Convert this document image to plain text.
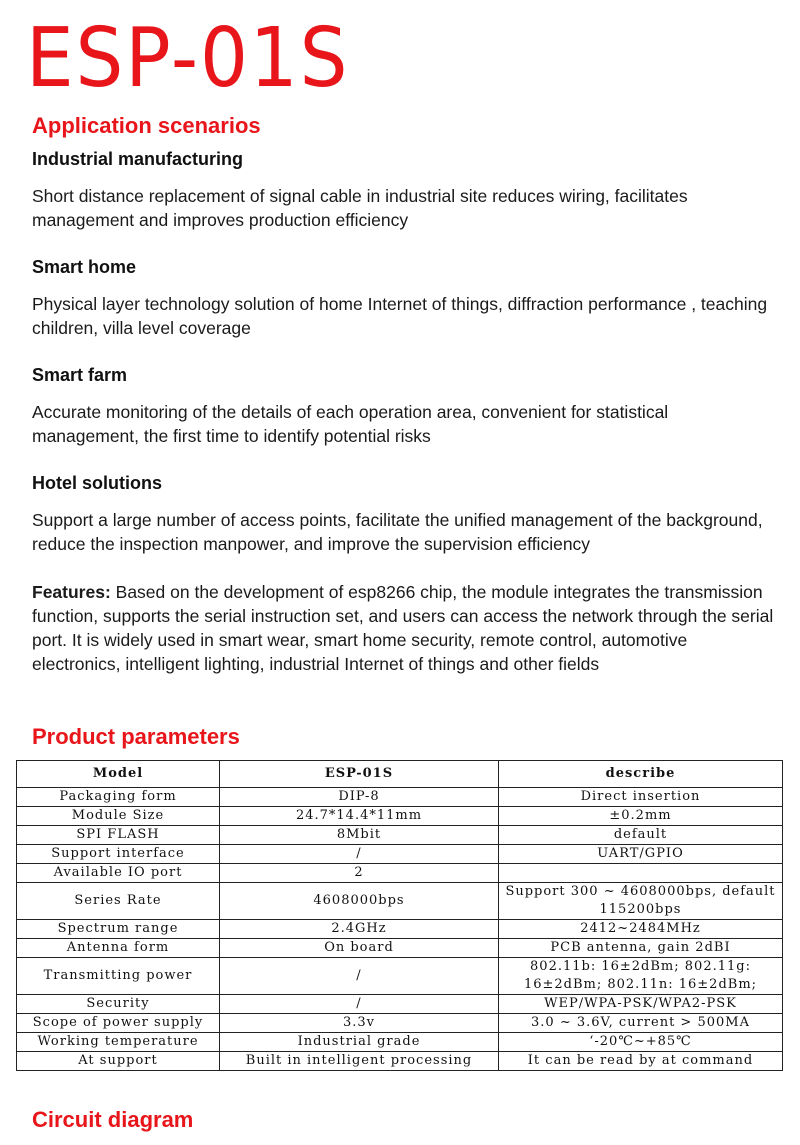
ESP-01S
Application scenarios
Industrial manufacturing

Short distance replacement of signal cable in industrial site reduces wiring, facilitates management and improves production efficiency

Smart home

Physical layer technology solution of home Internet of things, diffraction performance , teaching children, villa level coverage

Smart farm

Accurate monitoring of the details of each operation area, convenient for statistical management, the first time to identify potential risks

Hotel solutions

Support a large number of access points, facilitate the unified management of the background, reduce the inspection manpower, and improve the supervision efficiency

Features: Based on the development of esp8266 chip, the module integrates the transmission function, supports the serial instruction set, and users can access the network through the serial port. It is widely used in smart wear, smart home security, remote control, automotive electronics, intelligent lighting, industrial Internet of things and other fields

Product parameters
Model	ESP-01S	describe
Packaging form	DIP-8	Direct insertion
Module Size	24.7*14.4*11mm	±0.2mm
SPI FLASH	8Mbit	default
Support interface	/	UART/GPIO
Available IO port	2	
Series Rate	4608000bps	Support 300 ~ 4608000bps, default 115200bps
Spectrum range	2.4GHz	2412~2484MHz
Antenna form	On board	PCB antenna, gain 2dBI
Transmitting power	/	802.11b: 16±2dBm; 802.11g: 16±2dBm; 802.11n: 16±2dBm;
Security	/	WEP/WPA-PSK/WPA2-PSK
Scope of power supply	3.3v	3.0 ~ 3.6V, current > 500MA
Working temperature	Industrial grade	‘-20℃~+85℃
At support	Built in intelligent processing	It can be read by at command
Circuit diagram
